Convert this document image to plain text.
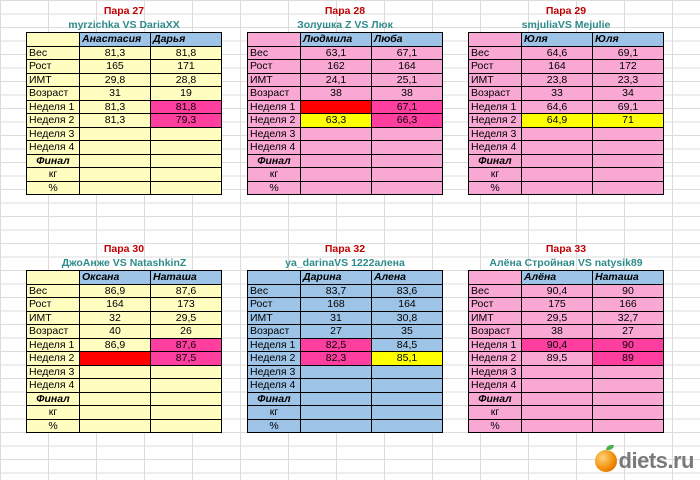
Пара 27
myrzichka VS DariaXX
	Анастасия	Дарья
Вес	81,3	81,8
Рост	165	171
ИМТ	29,8	28,8
Возраст	31	19
Неделя 1	81,3	81,8
Неделя 2	81,3	79,3
Неделя 3		
Неделя 4		
Финал		
кг		
%		
Пара 28
Золушка Z VS Люк
	Людмила	Люба
Вес	63,1	67,1
Рост	162	164
ИМТ	24,1	25,1
Возраст	38	38
Неделя 1		67,1
Неделя 2	63,3	66,3
Неделя 3		
Неделя 4		
Финал		
кг		
%		
Пара 29
smjuliaVS Mejulie
	Юля	Юля
Вес	64,6	69,1
Рост	164	172
ИМТ	23,8	23,3
Возраст	33	34
Неделя 1	64,6	69,1
Неделя 2	64,9	71
Неделя 3		
Неделя 4		
Финал		
кг		
%		
Пара 30
ДжоАнже VS NatashkinZ
	Оксана	Наташа
Вес	86,9	87,6
Рост	164	173
ИМТ	32	29,5
Возраст	40	26
Неделя 1	86,9	87,6
Неделя 2		87,5
Неделя 3		
Неделя 4		
Финал		
кг		
%		
Пара 32
ya_darinaVS 1222алена
	Дарина	Алена
Вес	83,7	83,6
Рост	168	164
ИМТ	31	30,8
Возраст	27	35
Неделя 1	82,5	84,5
Неделя 2	82,3	85,1
Неделя 3		
Неделя 4		
Финал		
кг		
%		
Пара 33
Алёна Стройная VS natysik89
	Алёна	Наташа
Вес	90,4	90
Рост	175	166
ИМТ	29,5	32,7
Возраст	38	27
Неделя 1	90,4	90
Неделя 2	89,5	89
Неделя 3		
Неделя 4		
Финал		
кг		
%		
diets.ru
